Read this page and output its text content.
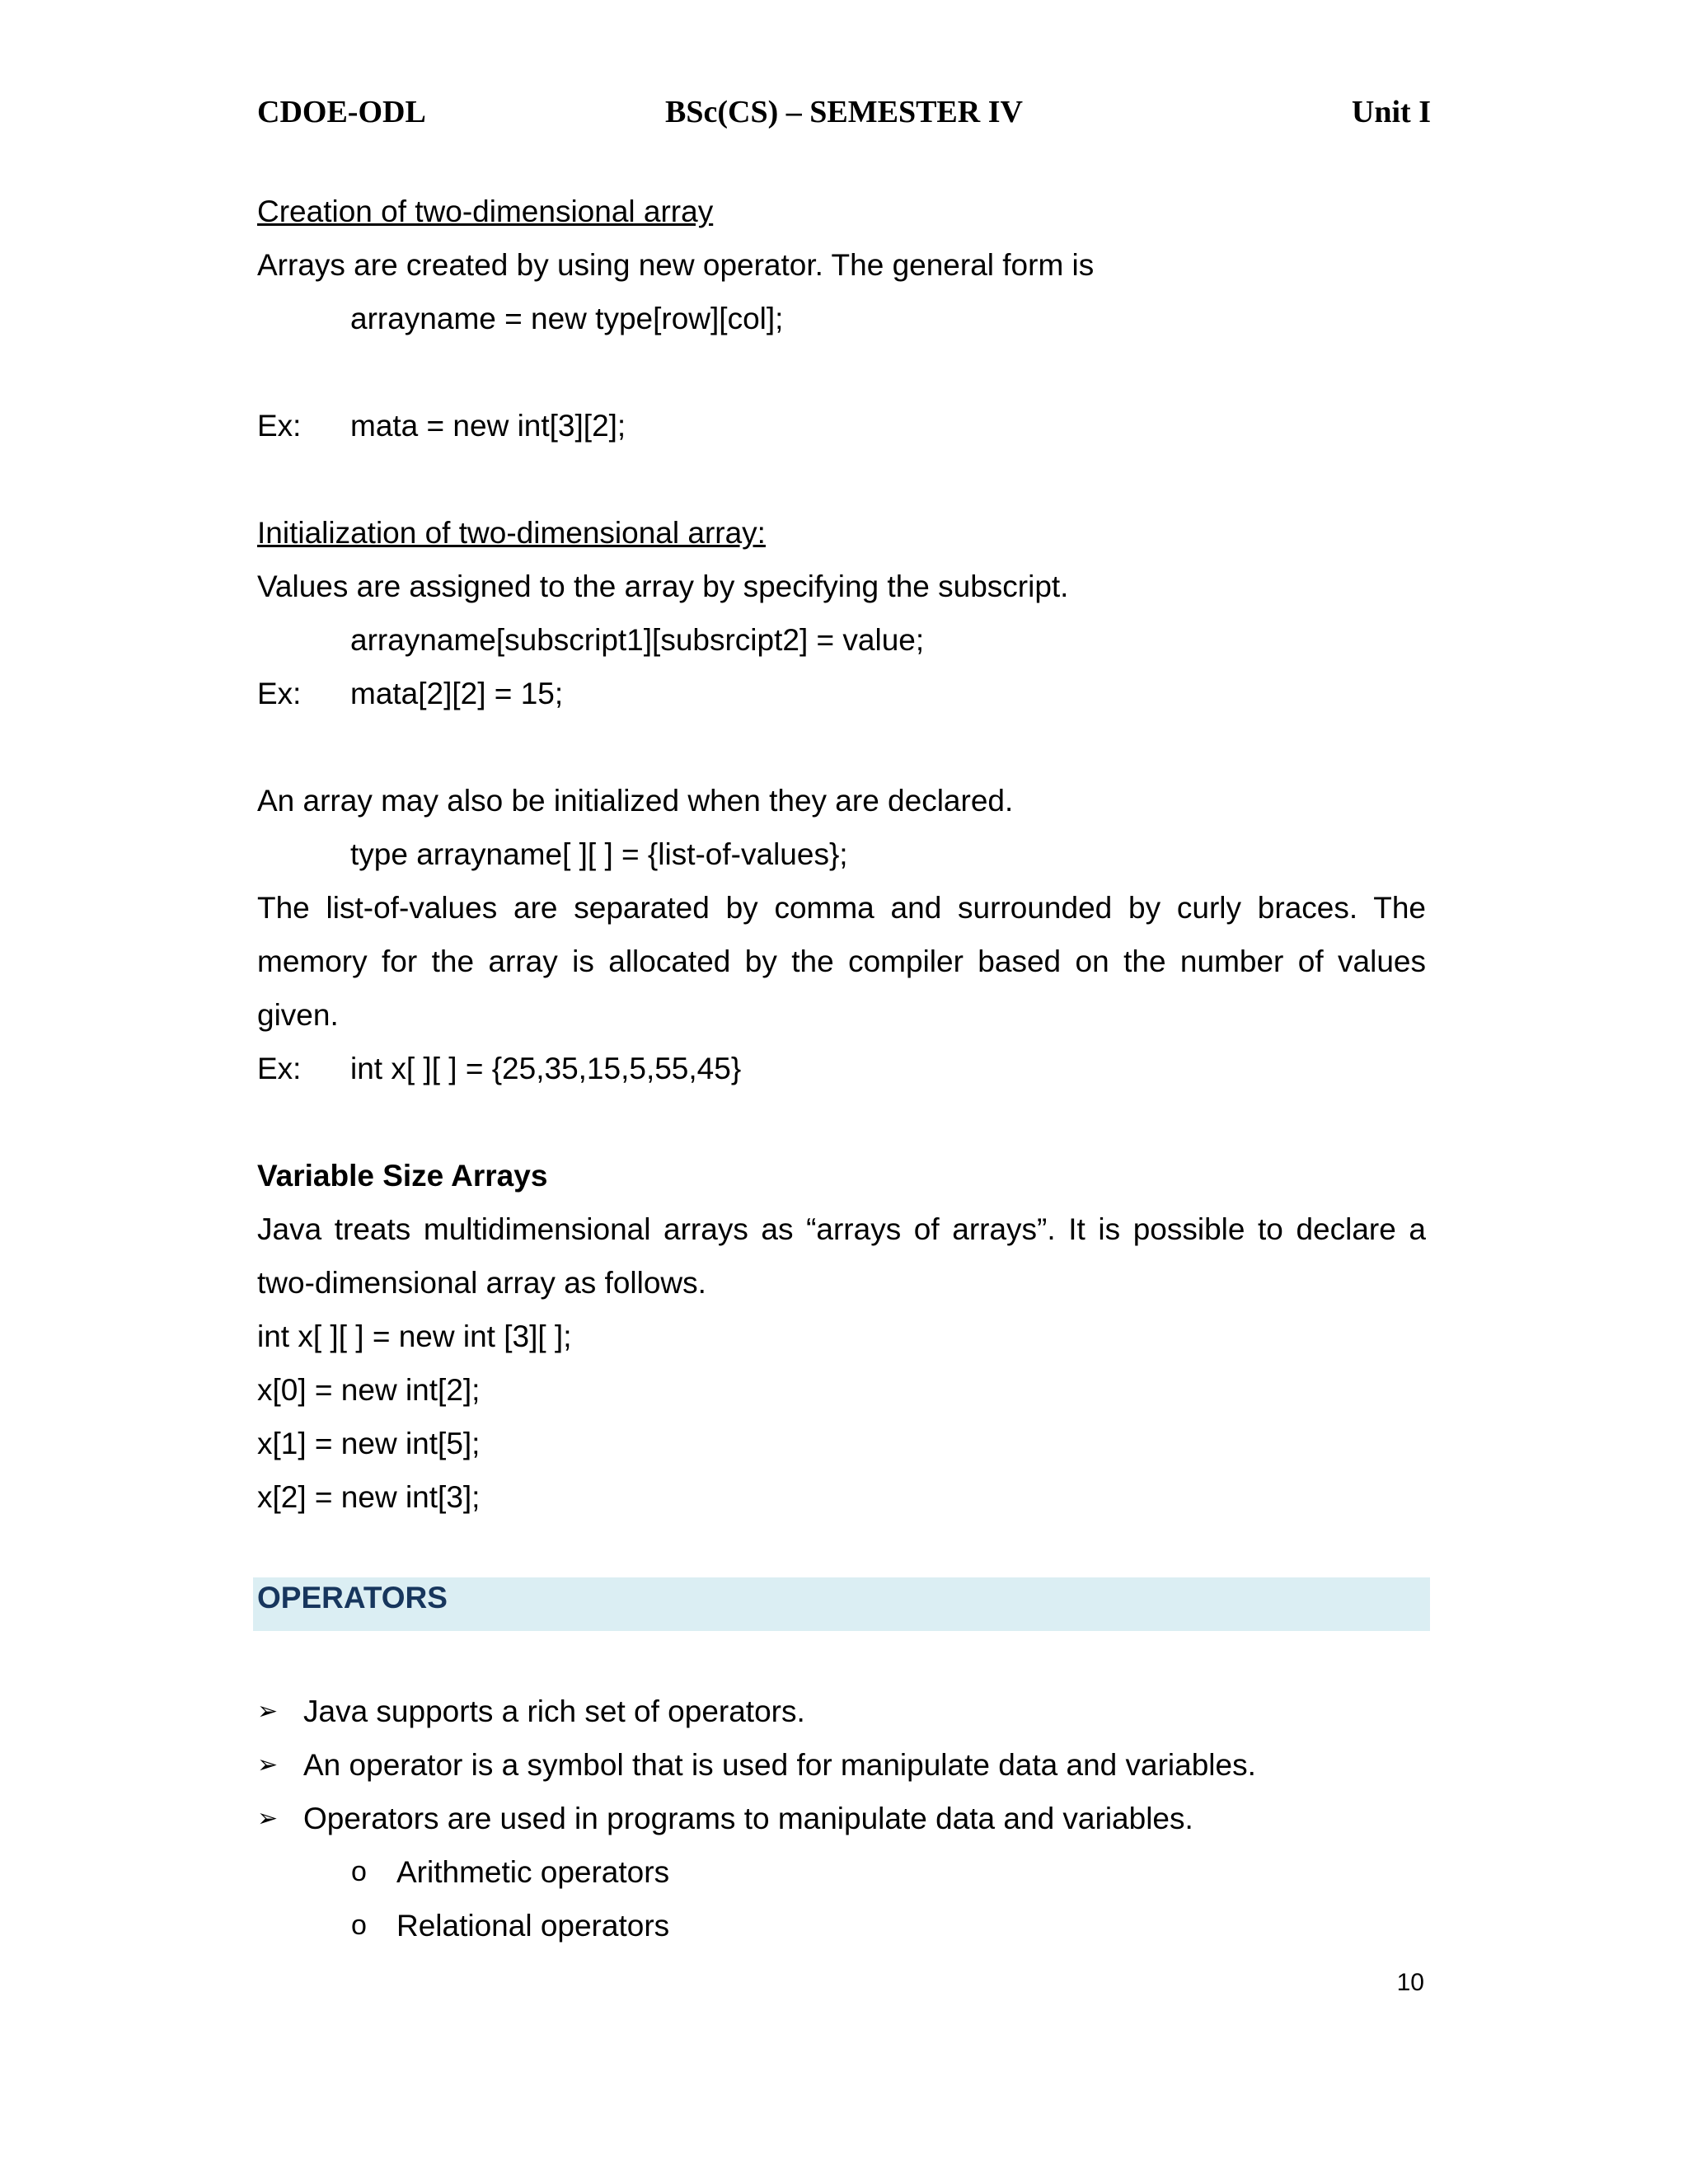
CDOE-ODL	BSc(CS) – SEMESTER IV	Unit I
Creation of two-dimensional array
Arrays are created by using new operator. The general form is
arrayname = new type[row][col];
Ex: mata = new int[3][2];
Initialization of two-dimensional array:
Values are assigned to the array by specifying the subscript.
arrayname[subscript1][subsrcipt2] = value;
Ex: mata[2][2] = 15;
An array may also be initialized when they are declared.
type arrayname[ ][ ] = {list-of-values};
The list-of-values are separated by comma and surrounded by curly braces. The memory for the array is allocated by the compiler based on the number of values given.
Ex: int x[ ][ ] = {25,35,15,5,55,45}
Variable Size Arrays
Java treats multidimensional arrays as “arrays of arrays”. It is possible to declare a two-dimensional array as follows.
int x[ ][ ] = new int [3][ ];
x[0] = new int[2];
x[1] = new int[5];
x[2] = new int[3];
OPERATORS
➢ Java supports a rich set of operators.
➢ An operator is a symbol that is used for manipulate data and variables.
➢ Operators are used in programs to manipulate data and variables.
o Arithmetic operators
o Relational operators
10
